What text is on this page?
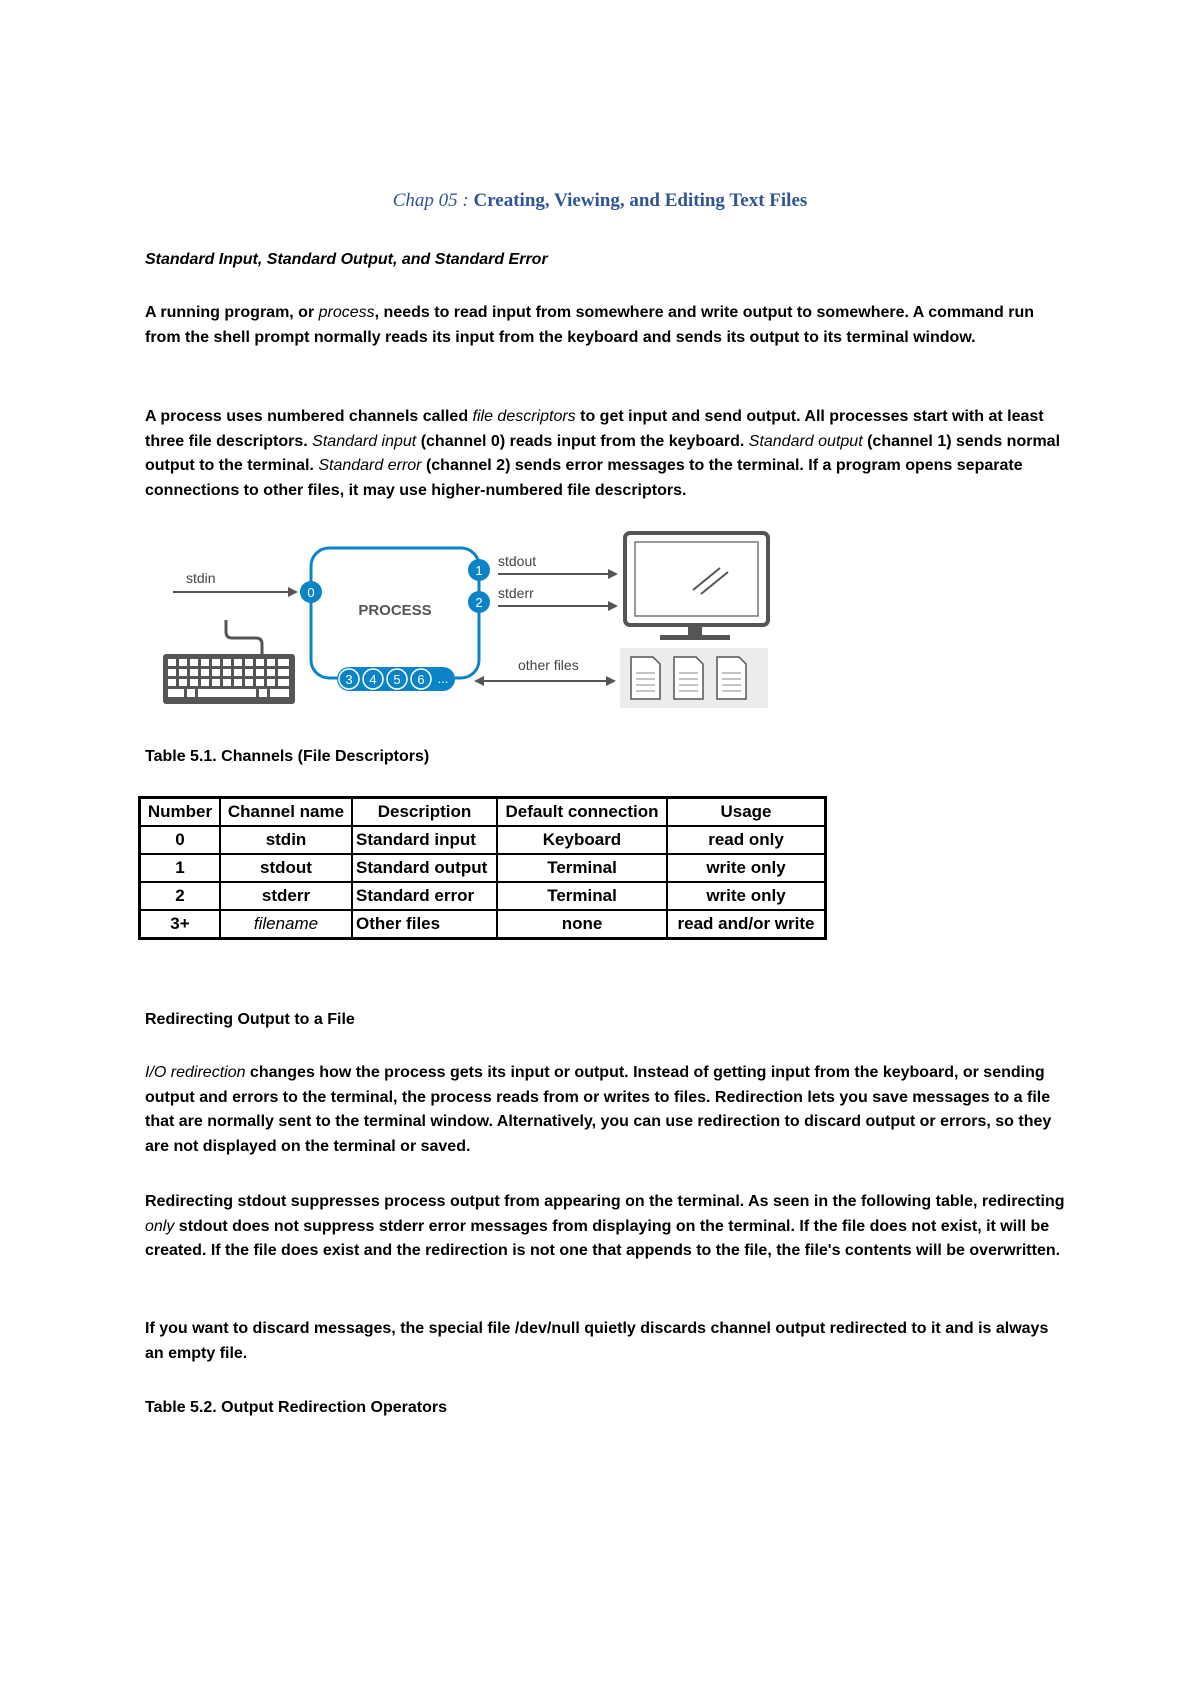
Chap 05 : Creating, Viewing, and Editing Text Files

Standard Input, Standard Output, and Standard Error

A running program, or process, needs to read input from somewhere and write output to somewhere. A command run from the shell prompt normally reads its input from the keyboard and sends its output to its terminal window.

A process uses numbered channels called file descriptors to get input and send output. All processes start with at least three file descriptors. Standard input (channel 0) reads input from the keyboard. Standard output (channel 1) sends normal output to the terminal. Standard error (channel 2) sends error messages to the terminal. If a program opens separate connections to other files, it may use higher-numbered file descriptors.

PROCESS
stdin
0
1
2
stdout
stderr
3 4 5 6 ...
other files

Table 5.1. Channels (File Descriptors)

Number	Channel name	Description	Default connection	Usage
0	stdin	Standard input	Keyboard	read only
1	stdout	Standard output	Terminal	write only
2	stderr	Standard error	Terminal	write only
3+	filename	Other files	none	read and/or write

Redirecting Output to a File

I/O redirection changes how the process gets its input or output. Instead of getting input from the keyboard, or sending output and errors to the terminal, the process reads from or writes to files. Redirection lets you save messages to a file that are normally sent to the terminal window. Alternatively, you can use redirection to discard output or errors, so they are not displayed on the terminal or saved.

Redirecting stdout suppresses process output from appearing on the terminal. As seen in the following table, redirecting only stdout does not suppress stderr error messages from displaying on the terminal. If the file does not exist, it will be created. If the file does exist and the redirection is not one that appends to the file, the file's contents will be overwritten.

If you want to discard messages, the special file /dev/null quietly discards channel output redirected to it and is always an empty file.

Table 5.2. Output Redirection Operators
